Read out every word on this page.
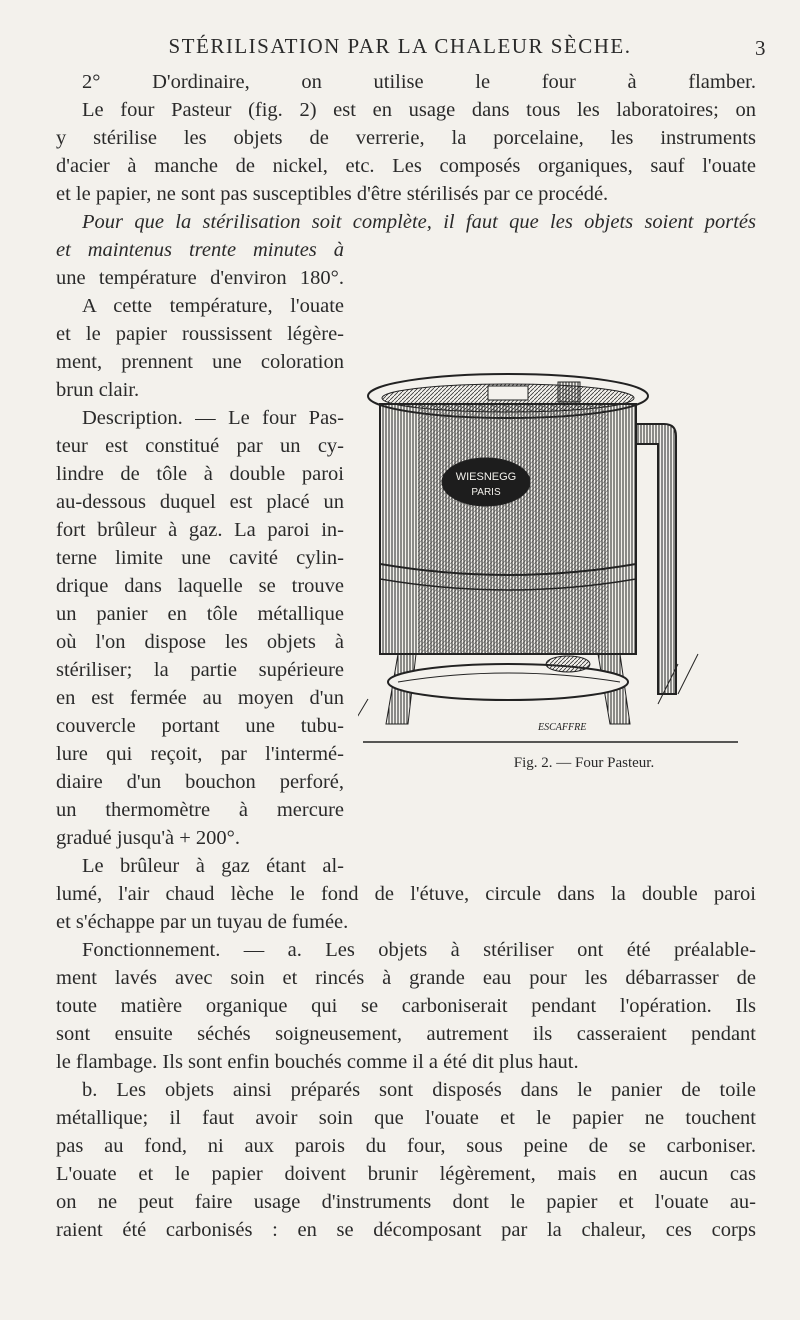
STÉRILISATION PAR LA CHALEUR SÈCHE.	3
2° D'ordinaire, on utilise le four à flamber.
Le four Pasteur (fig. 2) est en usage dans tous les laboratoires; on
y stérilise les objets de verrerie, la porcelaine, les instruments
d'acier à manche de nickel, etc. Les composés organiques, sauf l'ouate
et le papier, ne sont pas susceptibles d'être stérilisés par ce procédé.
Pour que la stérilisation soit complète, il faut que les objets soient portés
et maintenus trente minutes à
une température d'environ 180°.
A cette température, l'ouate
et le papier roussissent légère-
ment, prennent une coloration
brun clair.
Description. — Le four Pas-
teur est constitué par un cy-
lindre de tôle à double paroi
au-dessous duquel est placé un
fort brûleur à gaz. La paroi in-
terne limite une cavité cylin-
drique dans laquelle se trouve
un panier en tôle métallique
où l'on dispose les objets à
stériliser; la partie supérieure
en est fermée au moyen d'un
couvercle portant une tubu-
lure qui reçoit, par l'intermé-
diaire d'un bouchon perforé,
un thermomètre à mercure
gradué jusqu'à + 200°.
Le brûleur à gaz étant al-
lumé, l'air chaud lèche le fond de l'étuve, circule dans la double paroi
et s'échappe par un tuyau de fumée.
Fonctionnement. — a. Les objets à stériliser ont été préalable-
ment lavés avec soin et rincés à grande eau pour les débarrasser de
toute matière organique qui se carboniserait pendant l'opération. Ils
sont ensuite séchés soigneusement, autrement ils casseraient pendant
le flambage. Ils sont enfin bouchés comme il a été dit plus haut.
b. Les objets ainsi préparés sont disposés dans le panier de toile
métallique; il faut avoir soin que l'ouate et le papier ne touchent
pas au fond, ni aux parois du four, sous peine de se carboniser.
L'ouate et le papier doivent brunir légèrement, mais en aucun cas
on ne peut faire usage d'instruments dont le papier et l'ouate au-
raient été carbonisés : en se décomposant par la chaleur, ces corps
WIESNEGG
PARIS
ESCAFFRE
Fig. 2. — Four Pasteur.
